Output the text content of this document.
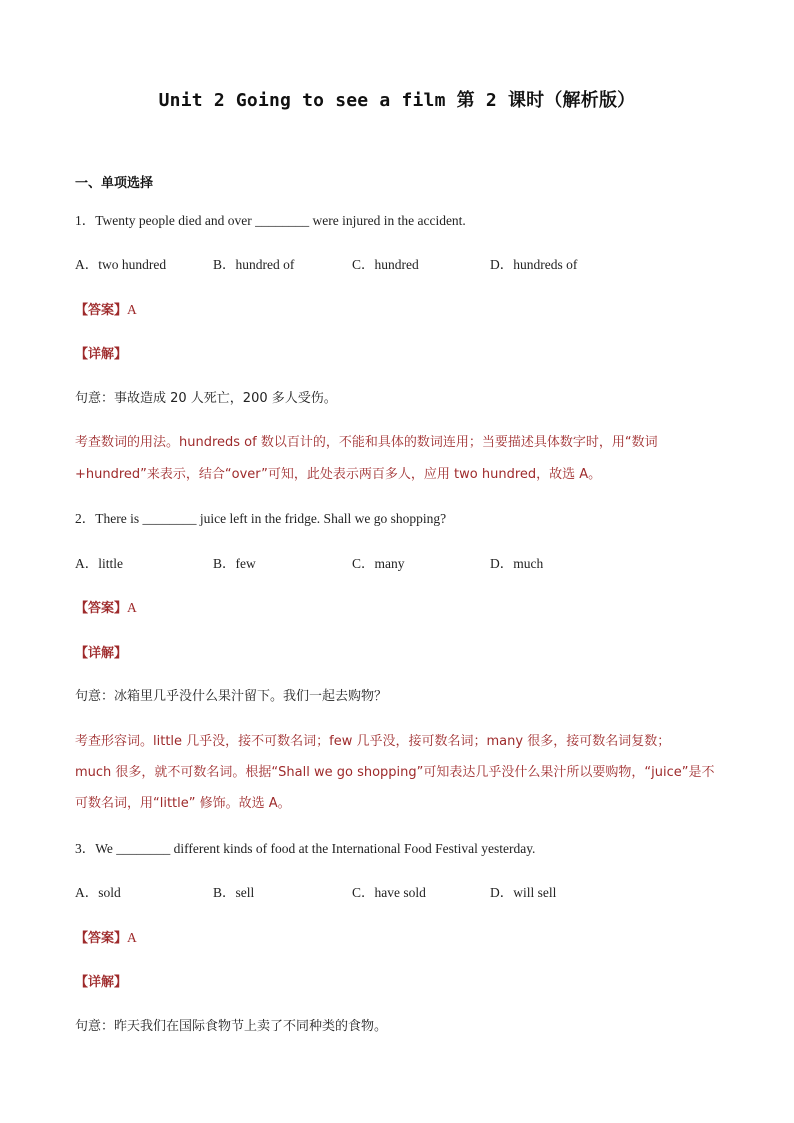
Unit 2 Going to see a film 第 2 课时（解析版）
一、单项选择
1．Twenty people died and over ________ were injured in the accident.
A．two hundred	B．hundred of	C．hundred	D．hundreds of
【答案】A
【详解】
句意：事故造成 20 人死亡，200 多人受伤。
考查数词的用法。hundreds of 数以百计的，不能和具体的数词连用；当要描述具体数字时，用“数词
+hundred”来表示，结合“over”可知，此处表示两百多人，应用 two hundred，故选 A。
2．There is ________ juice left in the fridge. Shall we go shopping?
A．little	B．few	C．many	D．much
【答案】A
【详解】
句意：冰箱里几乎没什么果汁留下。我们一起去购物？
考查形容词。little 几乎没，接不可数名词；few 几乎没，接可数名词；many 很多，接可数名词复数；
much 很多，就不可数名词。根据“Shall we go shopping”可知表达几乎没什么果汁所以要购物，“juice”是不
可数名词，用“little” 修饰。故选 A。
3．We ________ different kinds of food at the International Food Festival yesterday.
A．sold	B．sell	C．have sold	D．will sell
【答案】A
【详解】
句意：昨天我们在国际食物节上卖了不同种类的食物。
